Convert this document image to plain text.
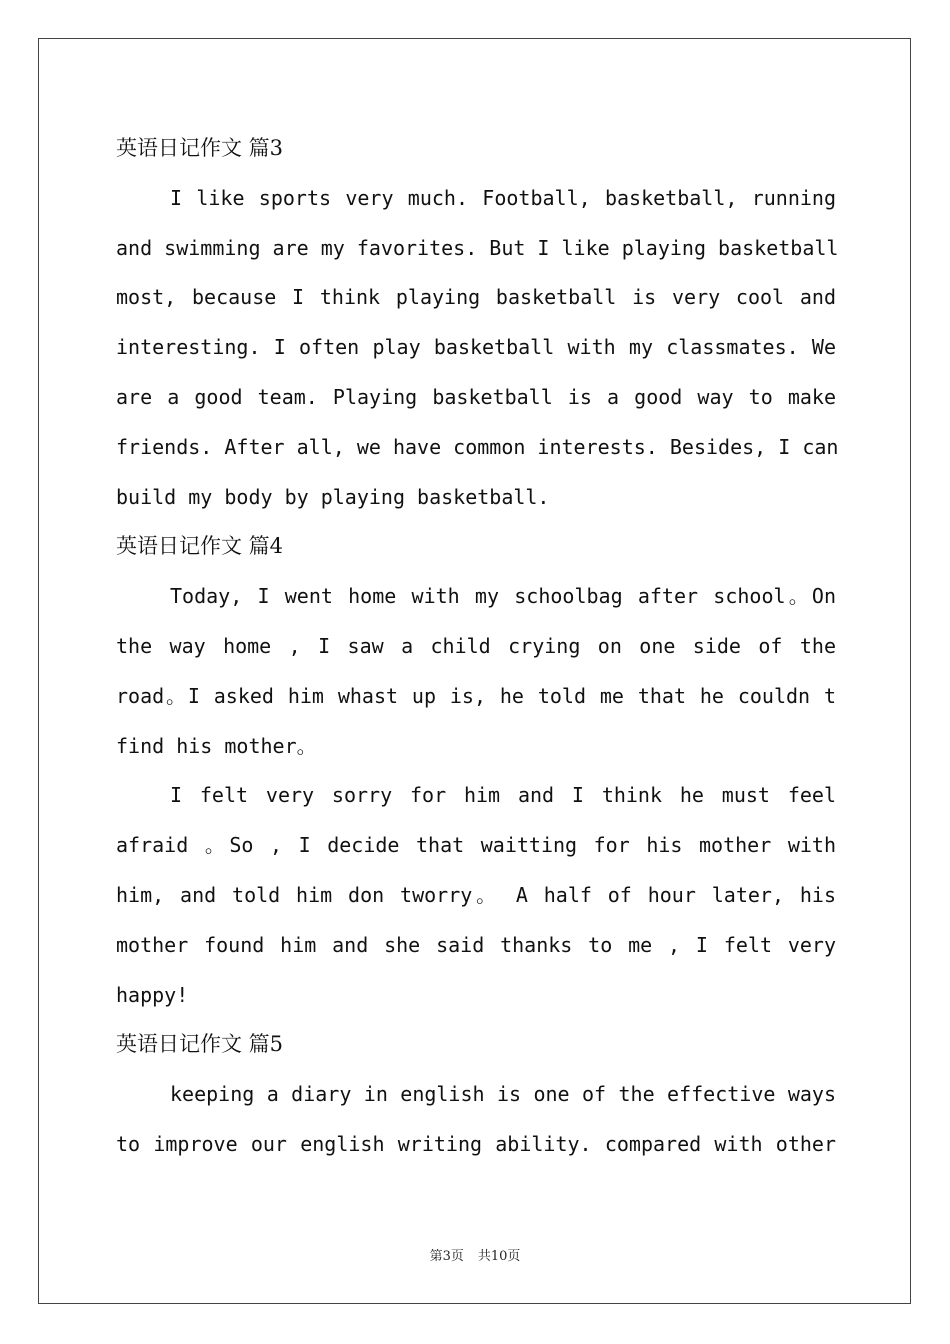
英语日记作文 篇3
I like sports very much. Football, basketball, running
and swimming are my favorites. But I like playing basketball
most, because I think playing basketball is very cool and
interesting. I often play basketball with my classmates. We
are a good team. Playing basketball is a good way to make
friends. After all, we have common interests. Besides, I can
build my body by playing basketball.
英语日记作文 篇4
Today, I went home with my schoolbag after school。On
the way home , I saw a child crying on one side of the
road。I asked him whast up is, he told me that he couldn t
find his mother。
I felt very sorry for him and I think he must feel
afraid 。So , I decide that waitting for his mother with
him, and told him don tworry。 A half of hour later, his
mother found him and she said thanks to me , I felt very
happy!
英语日记作文 篇5
keeping a diary in english is one of the effective ways
to improve our english writing ability. compared with other
第3页 共10页
